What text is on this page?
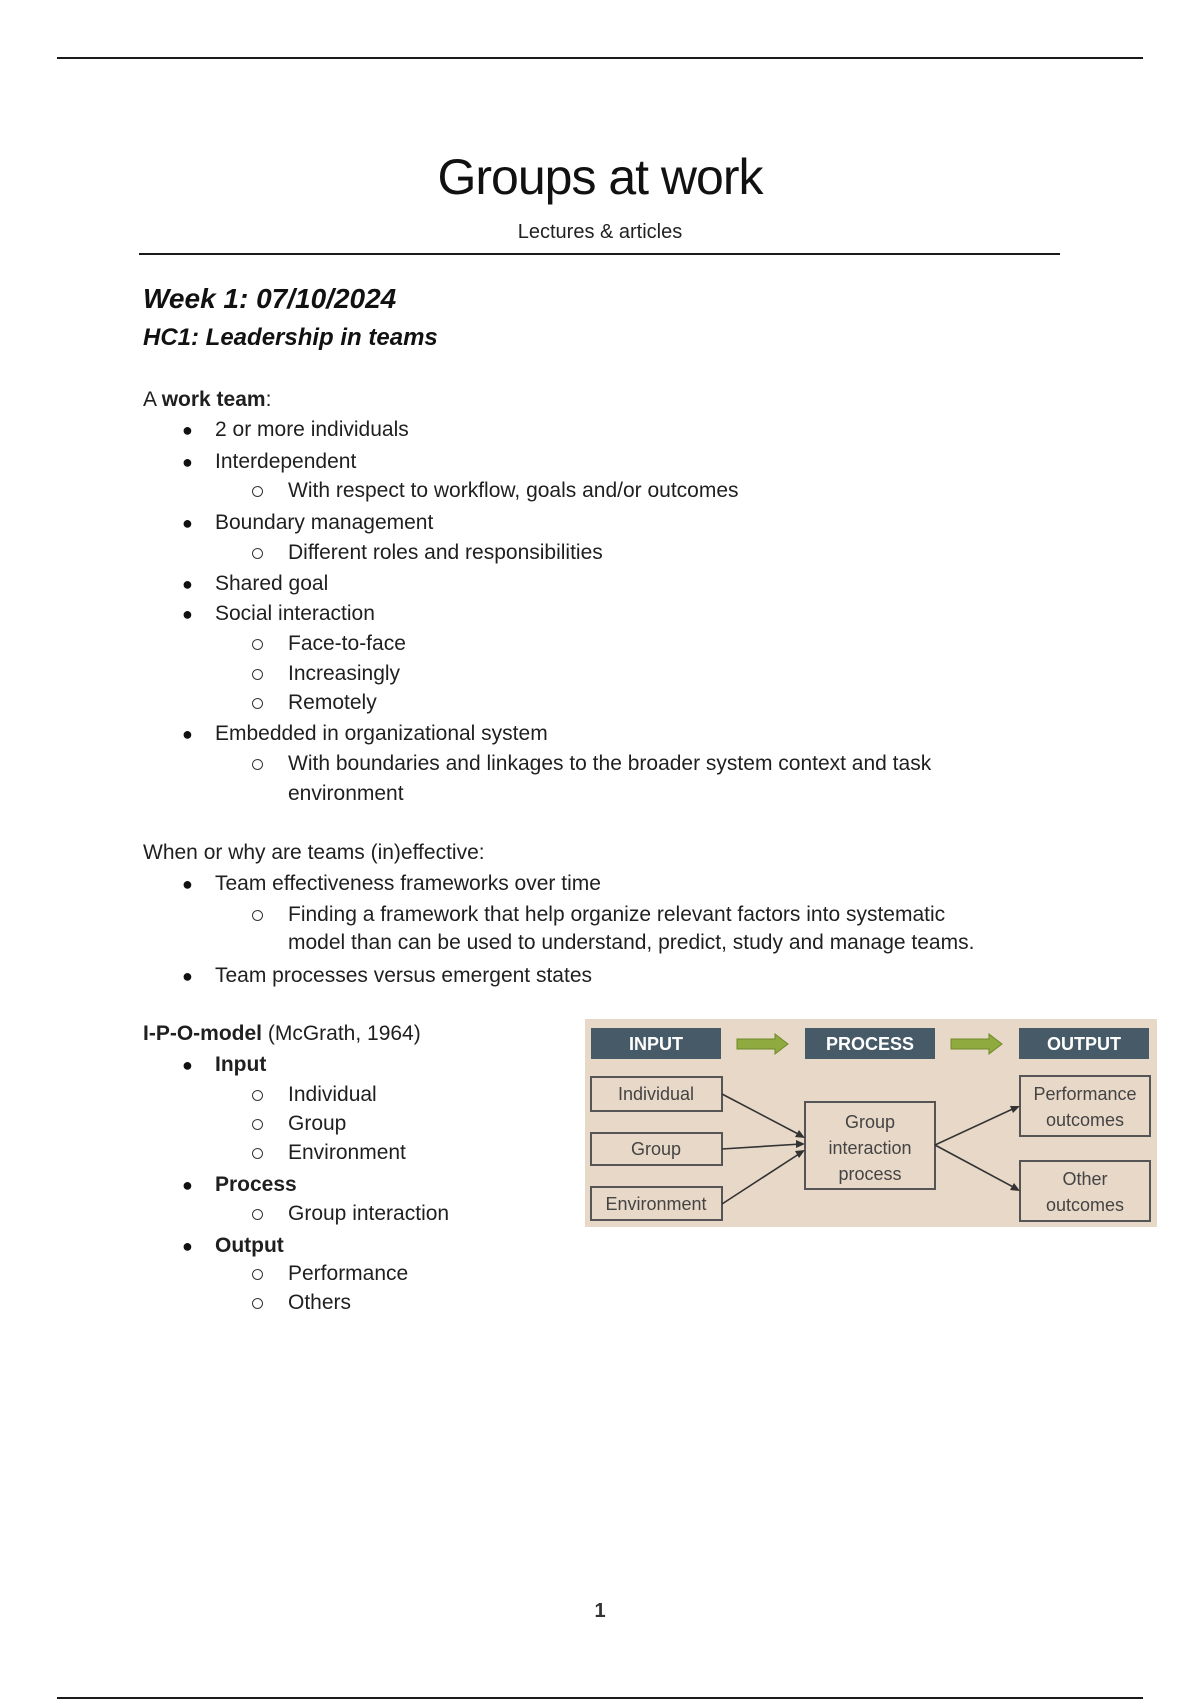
Groups at work
Lectures & articles
Week 1: 07/10/2024
HC1: Leadership in teams
A work team:
● 2 or more individuals
● Interdependent
With respect to workflow, goals and/or outcomes
● Boundary management
Different roles and responsibilities
● Shared goal
● Social interaction
Face-to-face
Increasingly
Remotely
● Embedded in organizational system
With boundaries and linkages to the broader system context and task
environment
When or why are teams (in)effective:
● Team effectiveness frameworks over time
Finding a framework that help organize relevant factors into systematic
model than can be used to understand, predict, study and manage teams.
● Team processes versus emergent states
I-P-O-model (McGrath, 1964)
● Input
Individual
Group
Environment
● Process
Group interaction
● Output
Performance
Others
INPUT	PROCESS	OUTPUT
Individual
Group
Environment
Group
interaction
process
Performance
outcomes
Other
outcomes
1
